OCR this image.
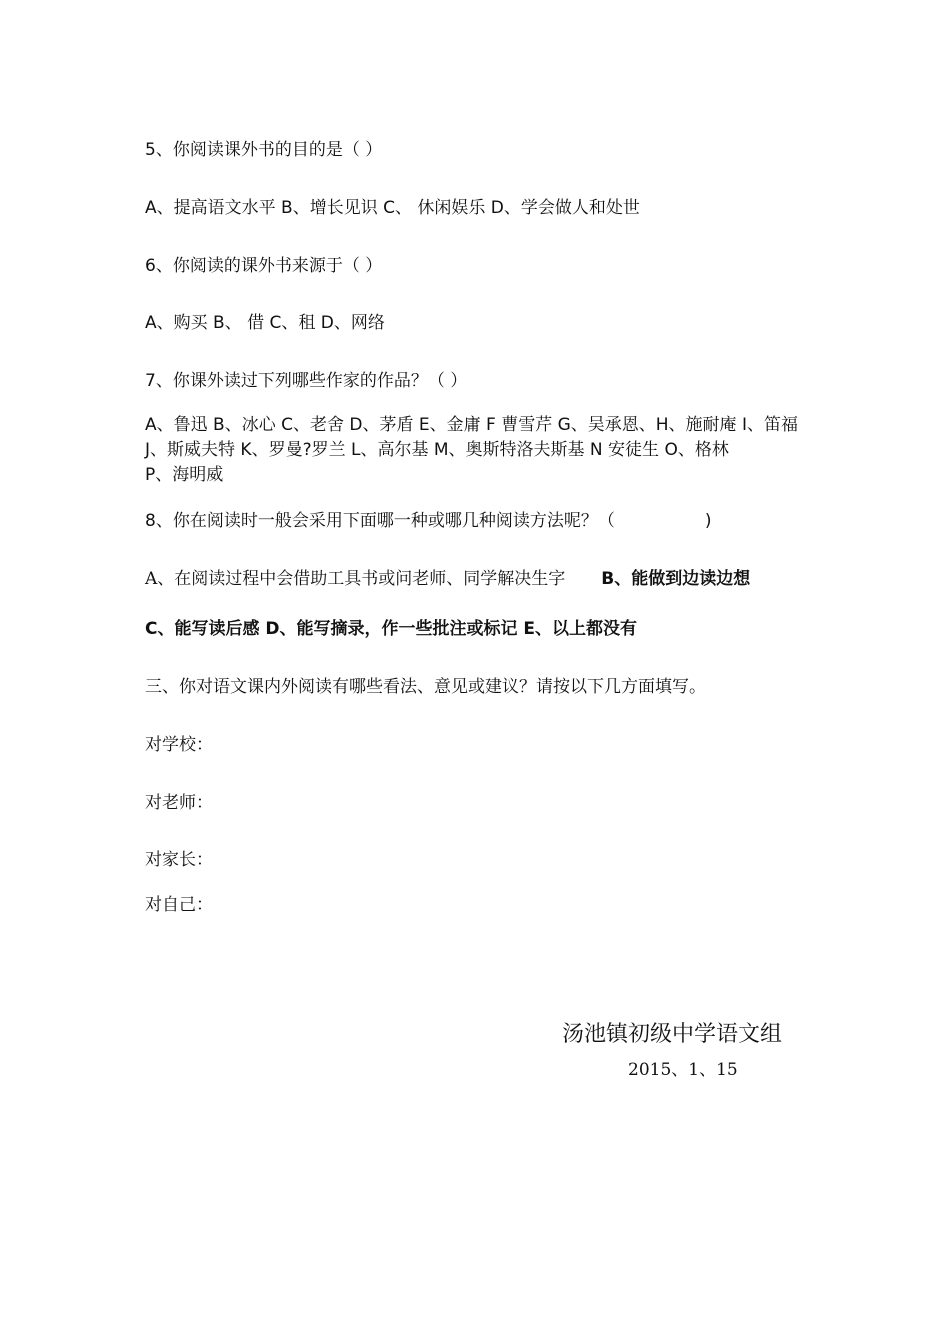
5、你阅读课外书的目的是（ ）
A、提高语文水平 B、增长见识 C、 休闲娱乐 D、学会做人和处世
6、你阅读的课外书来源于（ ）
A、购买 B、 借 C、租 D、网络
7、你课外读过下列哪些作家的作品？（ ）
A、鲁迅 B、冰心 C、老舍 D、茅盾 E、金庸 F 曹雪芹 G、吴承恩、H、施耐庵 I、笛福
J、斯威夫特 K、罗曼?罗兰 L、高尔基 M、奥斯特洛夫斯基 N 安徒生 O、格林
P、海明威
8、你在阅读时一般会采用下面哪一种或哪几种阅读方法呢？（	)
A、在阅读过程中会借助工具书或问老师、同学解决生字 B、能做到边读边想
C、能写读后感 D、能写摘录，作一些批注或标记 E、以上都没有
三、你对语文课内外阅读有哪些看法、意见或建议？请按以下几方面填写。
对学校：
对老师：
对家长：
对自己：
汤池镇初级中学语文组
2015、1、15
